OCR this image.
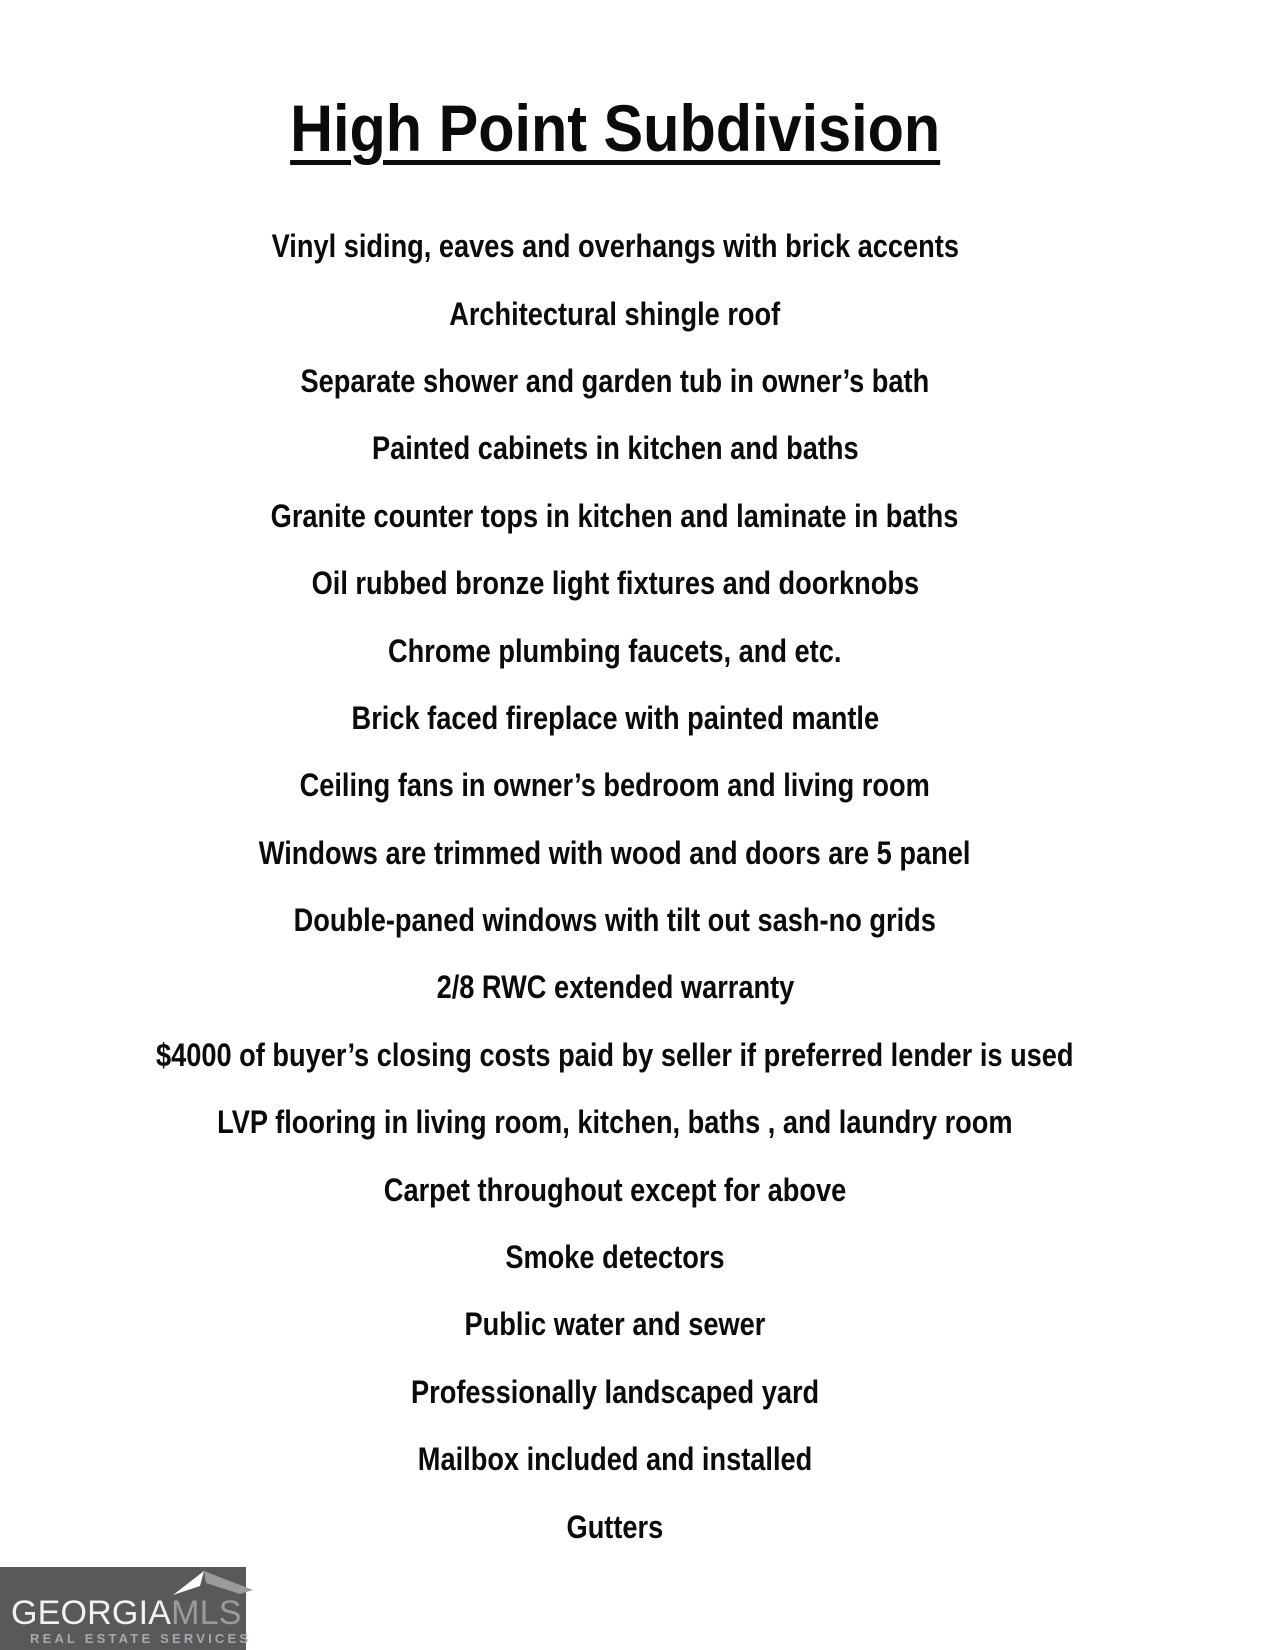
High Point Subdivision
Vinyl siding, eaves and overhangs with brick accents
Architectural shingle roof
Separate shower and garden tub in owner’s bath
Painted cabinets in kitchen and baths
Granite counter tops in kitchen and laminate in baths
Oil rubbed bronze light fixtures and doorknobs
Chrome plumbing faucets, and etc.
Brick faced fireplace with painted mantle
Ceiling fans in owner’s bedroom and living room
Windows are trimmed with wood and doors are 5 panel
Double-paned windows with tilt out sash-no grids
2/8 RWC extended warranty
$4000 of buyer’s closing costs paid by seller if preferred lender is used
LVP flooring in living room, kitchen, baths , and laundry room
Carpet throughout except for above
Smoke detectors
Public water and sewer
Professionally landscaped yard
Mailbox included and installed
Gutters
GEORGIAMLS
REAL ESTATE SERVICES
